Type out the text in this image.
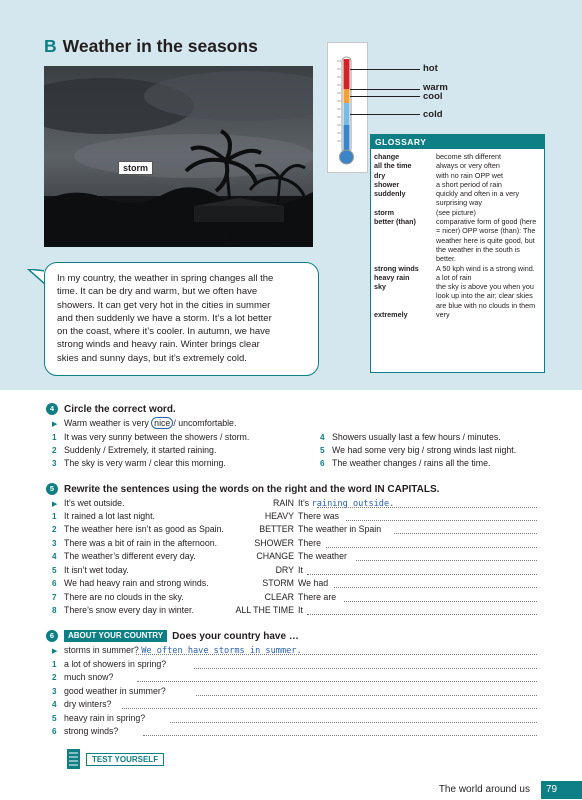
B Weather in the seasons
storm
hot
warm
cool
cold
GLOSSARY
change	become sth different
all the time	always or very often
dry	with no rain OPP wet
shower	a short period of rain
suddenly	quickly and often in a very surprising way
storm	(see picture)
better (than)	comparative form of good (here = nicer) OPP worse (than): The weather here is quite good, but the weather in the south is better.
strong winds	A 50 kph wind is a strong wind.
heavy rain	a lot of rain
sky	the sky is above you when you look up into the air; clear skies are blue with no clouds in them
extremely	very
In my country, the weather in spring changes all the
time. It can be dry and warm, but we often have
showers. It can get very hot in the cities in summer
and then suddenly we have a storm. It’s a lot better
on the coast, where it’s cooler. In autumn, we have
strong winds and heavy rain. Winter brings clear
skies and sunny days, but it’s extremely cold.
4 Circle the correct word.
▶ Warm weather is very nice / uncomfortable.
1 It was very sunny between the showers / storm.
2 Suddenly / Extremely, it started raining.
3 The sky is very warm / clear this morning.
4 Showers usually last a few hours / minutes.
5 We had some very big / strong winds last night.
6 The weather changes / rains all the time.
5 Rewrite the sentences using the words on the right and the word IN CAPITALS.
▶ It’s wet outside.	RAIN It’s raining outside.
1 It rained a lot last night.	HEAVY There was
2 The weather here isn’t as good as Spain.	BETTER The weather in Spain
3 There was a bit of rain in the afternoon.	SHOWER There
4 The weather’s different every day.	CHANGE The weather
5 It isn’t wet today.	DRY It
6 We had heavy rain and strong winds.	STORM We had
7 There are no clouds in the sky.	CLEAR There are
8 There’s snow every day in winter.	ALL THE TIME It
6	ABOUT YOUR COUNTRY Does your country have …
▶ storms in summer? We often have storms in summer.
1 a lot of showers in spring?
2 much snow?
3 good weather in summer?
4 dry winters?
5 heavy rain in spring?
6 strong winds?
TEST YOURSELF
The world around us	79
